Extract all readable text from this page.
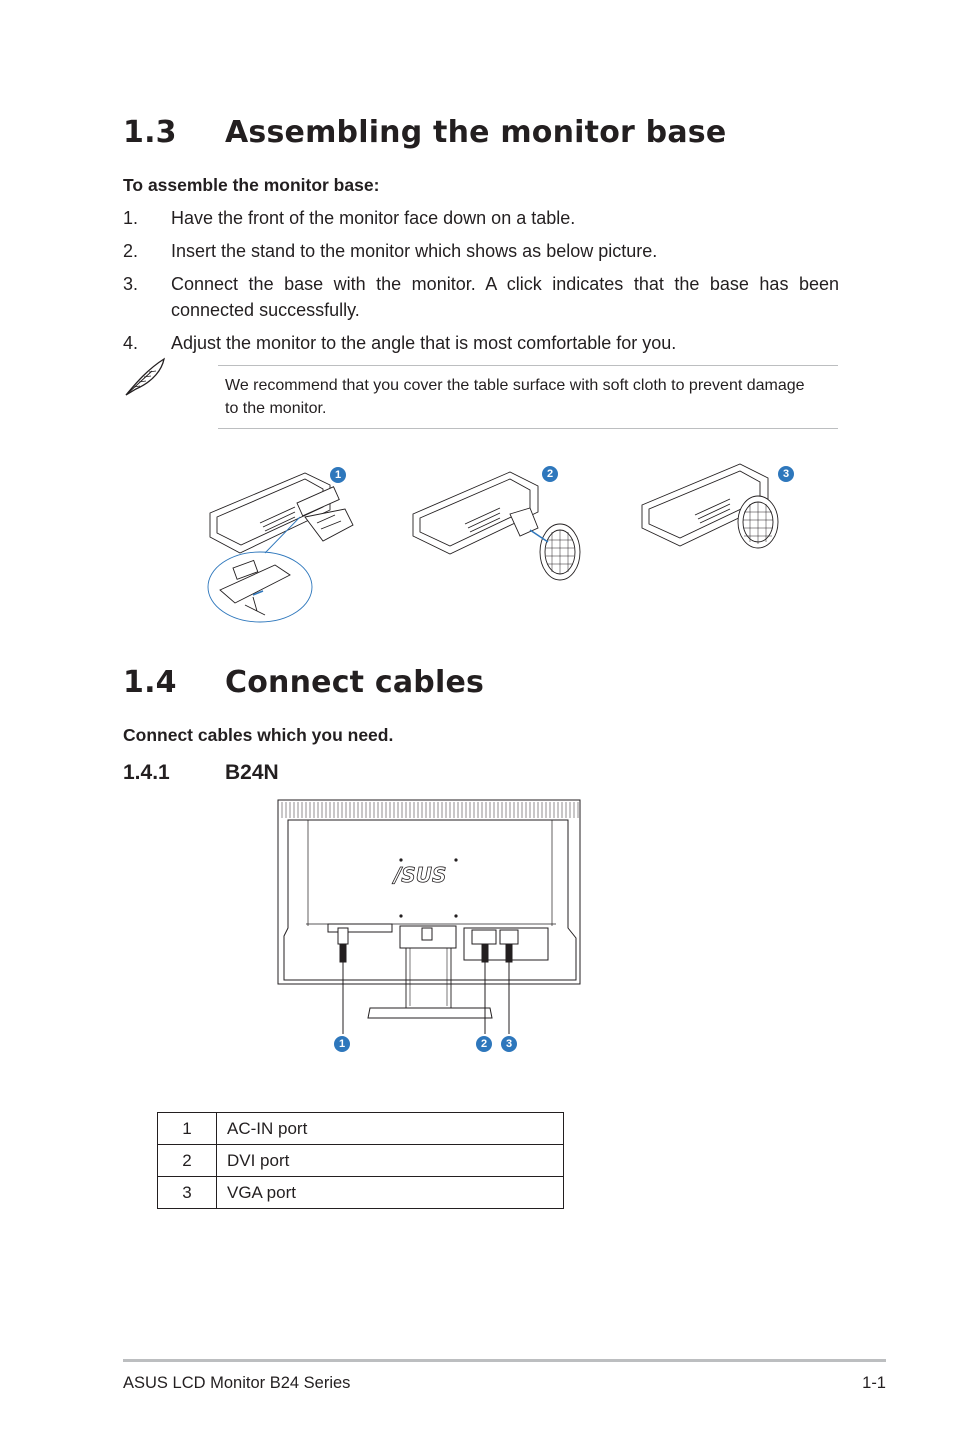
1.3 Assembling the monitor base
To assemble the monitor base:
1. Have the front of the monitor face down on a table.
2. Insert the stand to the monitor which shows as below picture.
3. Connect the base with the monitor. A click indicates that the base has been connected successfully.
4. Adjust the monitor to the angle that is most comfortable for you.
We recommend that you cover the table surface with soft cloth to prevent damage to the monitor.
1	2	3
1.4 Connect cables
Connect cables which you need.
1.4.1	B24N
/SUS
1	2	3
1	AC-IN port
2	DVI port
3	VGA port
ASUS LCD Monitor B24 Series	1-1
